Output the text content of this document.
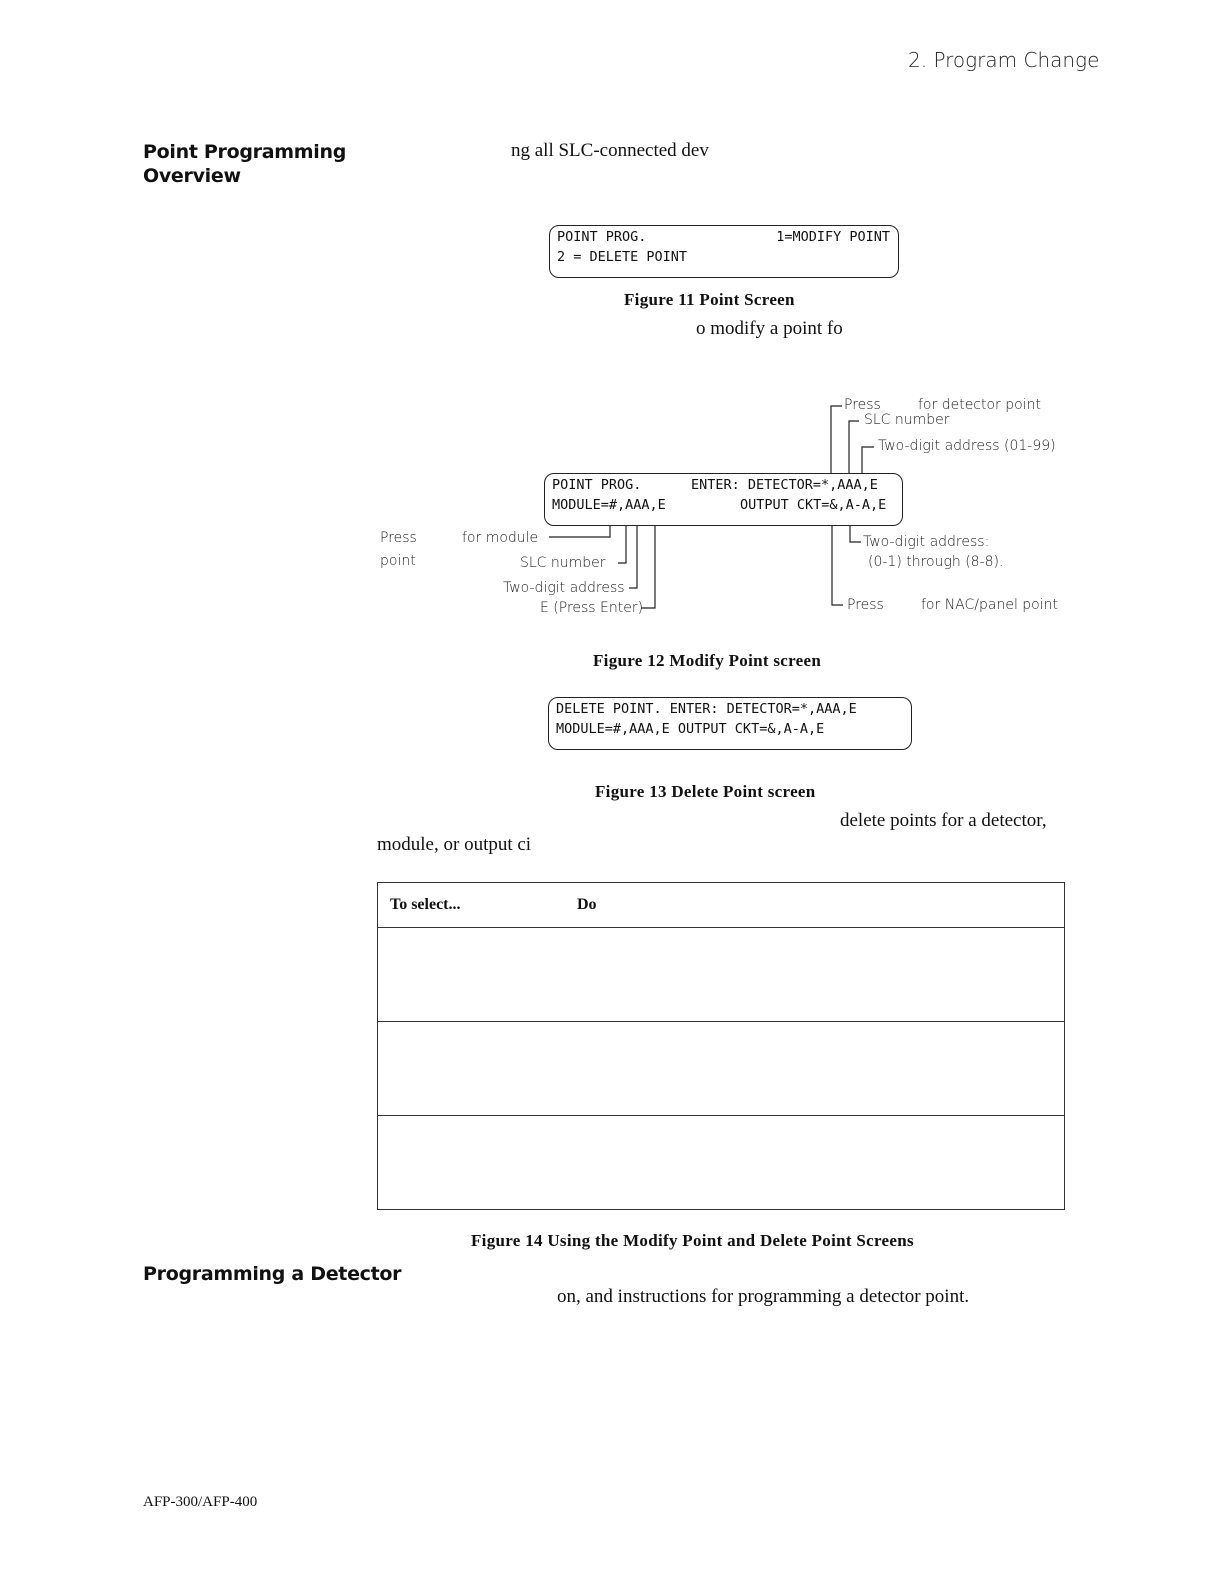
2. Program Change
Point Programming
Overview
ng all SLC-connected dev
POINT PROG.	1=MODIFY POINT
2 = DELETE POINT
Figure 11 Point Screen
o modify a point fo
POINT PROG.	ENTER: DETECTOR=*,AAA,E
MODULE=#,AAA,E	OUTPUT CKT=&,A-A,E
Press	for detector point
SLC number
Two-digit address (01-99)
Press	for module
point	SLC number
Two-digit address
E (Press Enter)
Two-digit address:
(0-1) through (8-8).
Press	for NAC/panel point
Figure 12 Modify Point screen
DELETE POINT. ENTER: DETECTOR=*,AAA,E
MODULE=#,AAA,E OUTPUT CKT=&,A-A,E
Figure 13 Delete Point screen
delete points for a detector,
module, or output ci
To select...	Do

Figure 14 Using the Modify Point and Delete Point Screens
Programming a Detector
on, and instructions for programming a detector point.
AFP-300/AFP-400
